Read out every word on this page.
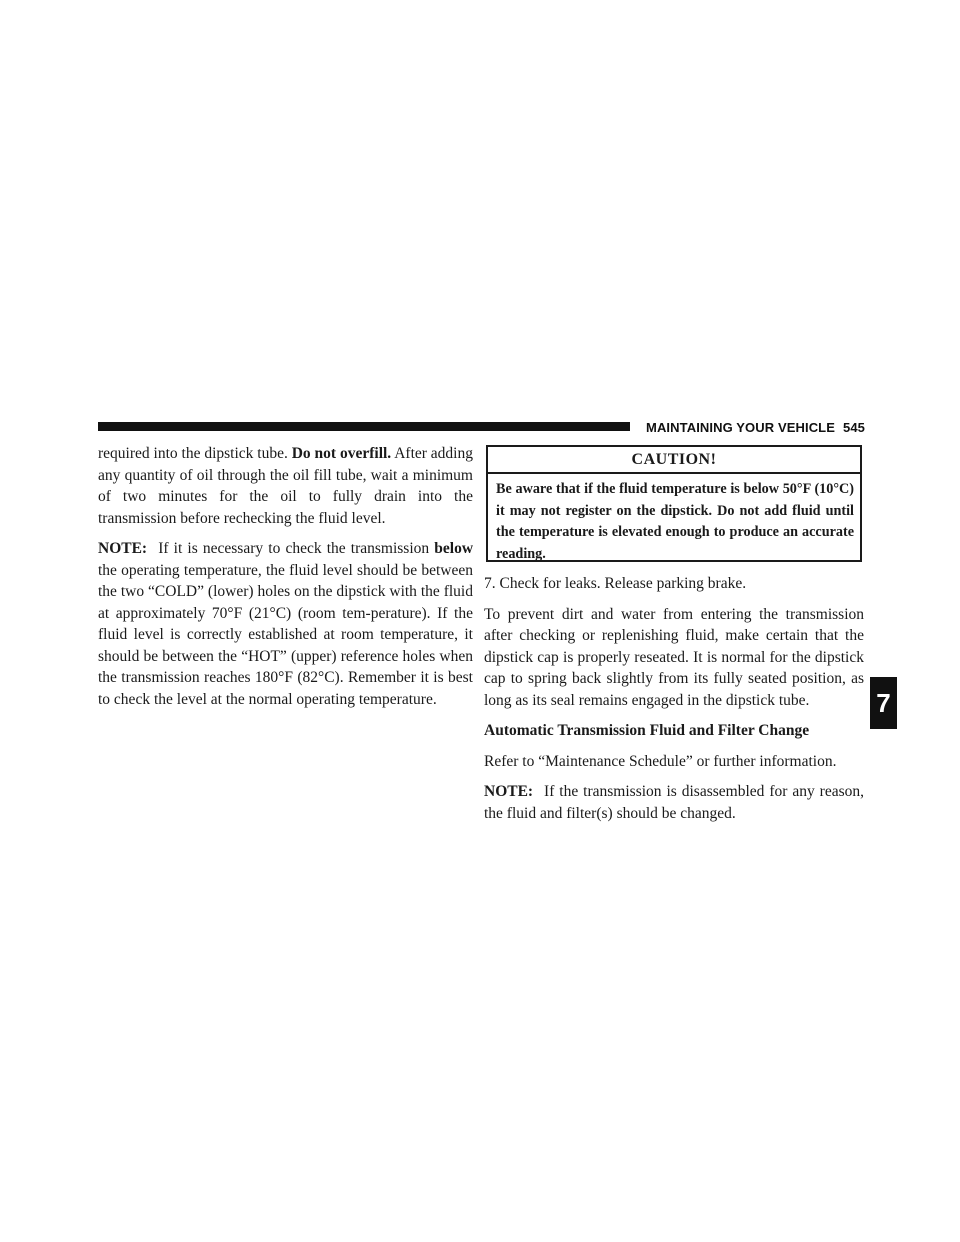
MAINTAINING YOUR VEHICLE 545
7

required into the dipstick tube. Do not overfill. After adding any quantity of oil through the oil fill tube, wait a minimum of two minutes for the oil to fully drain into the transmission before rechecking the fluid level.

NOTE: If it is necessary to check the transmission below the operating temperature, the fluid level should be between the two “COLD” (lower) holes on the dipstick with the fluid at approximately 70°F (21°C) (room tem-perature). If the fluid level is correctly established at room temperature, it should be between the “HOT” (upper) reference holes when the transmission reaches 180°F (82°C). Remember it is best to check the level at the normal operating temperature.

CAUTION!
Be aware that if the fluid temperature is below 50°F (10°C) it may not register on the dipstick. Do not add fluid until the temperature is elevated enough to produce an accurate reading.

7. Check for leaks. Release parking brake.

To prevent dirt and water from entering the transmission after checking or replenishing fluid, make certain that the dipstick cap is properly reseated. It is normal for the dipstick cap to spring back slightly from its fully seated position, as long as its seal remains engaged in the dipstick tube.

Automatic Transmission Fluid and Filter Change

Refer to “Maintenance Schedule” or further information.

NOTE: If the transmission is disassembled for any reason, the fluid and filter(s) should be changed.
